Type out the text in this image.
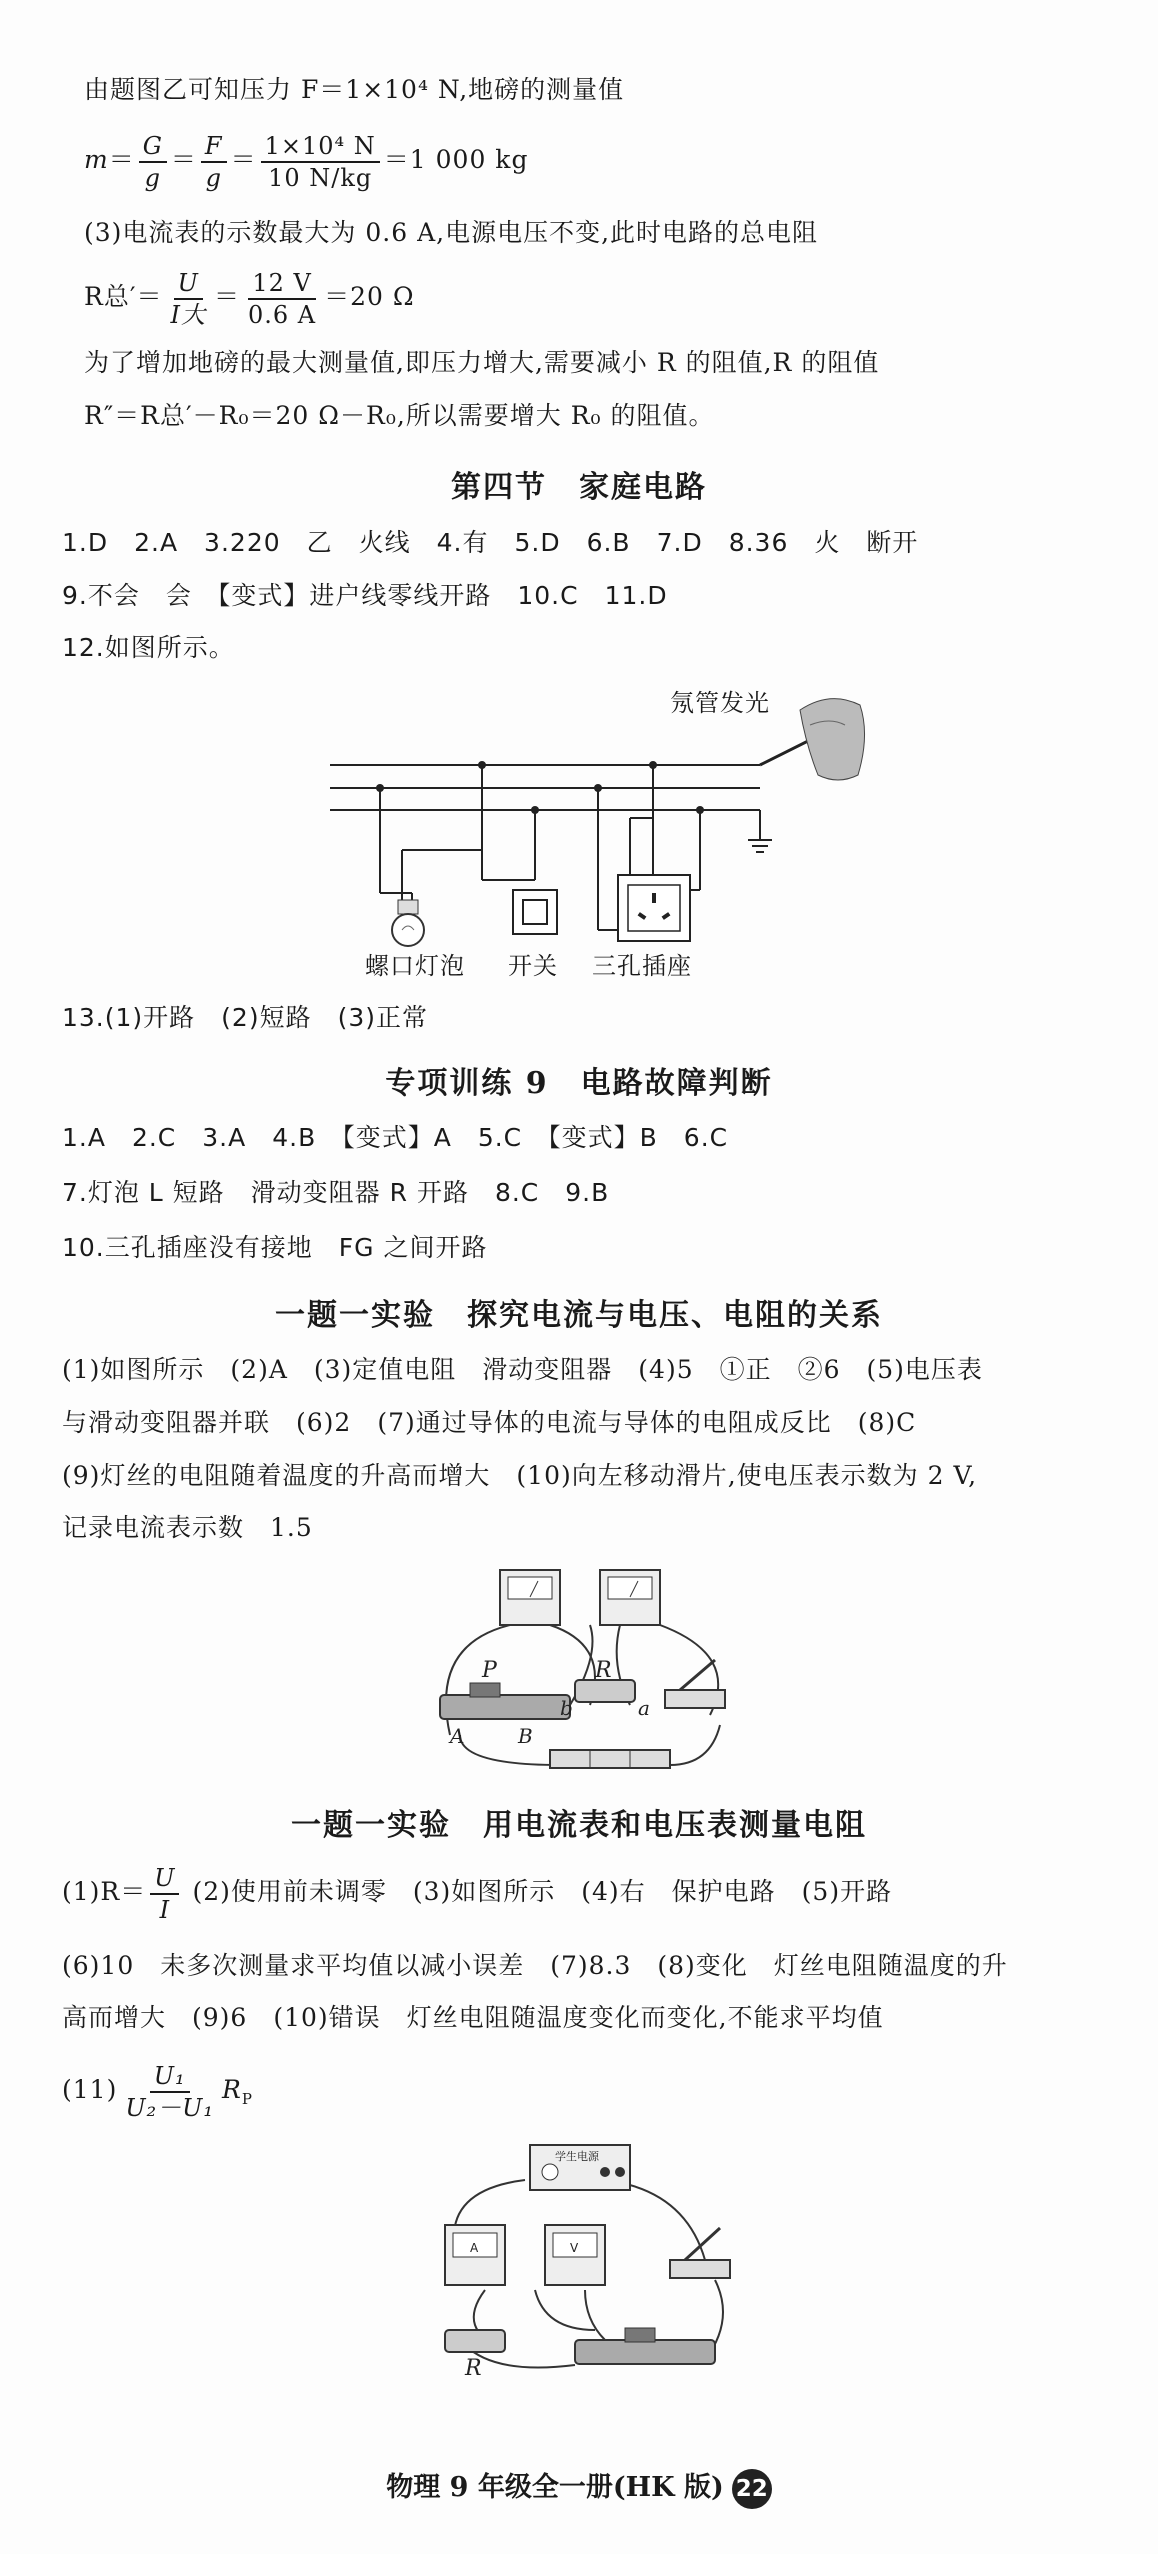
由题图乙可知压力 F＝1×10⁴ N,地磅的测量值
$m= \frac{G}{g} = \frac{F}{g} = \frac{\text{1×10⁴ N}}{10 N/kg} =1$ 000 kg
(3)电流表的示数最大为 0.6 A,电源电压不变,此时电路的总电阻
R总′＝ $\frac{U}{\text{I大}} = \frac{12 V}{0.6 A} =20$ Ω
为了增加地磅的最大测量值,即压力增大,需要减小 R 的阻值,R 的阻值
R″＝R总′－R₀＝20 Ω－R₀,所以需要增大 R₀ 的阻值。
第四节　家庭电路
1.D　2.A　3.220　乙　火线　4.有　5.D　6.B　7.D　8.36　火　断开
9.不会　会　【变式】进户线零线开路　10.C　11.D
12.如图所示。
氖管发光
螺口灯泡 开关 三孔插座
13.(1)开路　(2)短路　(3)正常
专项训练 9　电路故障判断
1.A　2.C　3.A　4.B　【变式】A　5.C　【变式】B　6.C
7.灯泡 L 短路　滑动变阻器 R 开路　8.C　9.B
10.三孔插座没有接地　FG 之间开路
一题一实验　探究电流与电压、电阻的关系
(1)如图所示　(2)A　(3)定值电阻　滑动变阻器　(4)5　①正　②6　(5)电压表
与滑动变阻器并联　(6)2　(7)通过导体的电流与导体的电阻成反比　(8)C
(9)灯丝的电阻随着温度的升高而增大　(10)向左移动滑片,使电压表示数为 2 V,
记录电流表示数　1.5
P	R
a
b
A	B
一题一实验　用电流表和电压表测量电阻
$(1)R= \frac{U}{I} (2)$使用前未调零　(3)如图所示　(4)右　保护电路　(5)开路
(6)10　未多次测量求平均值以减小误差　(7)8.3　(8)变化　灯丝电阻随温度的升
高而增大　(9)6　(10)错误　灯丝电阻随温度变化而变化,不能求平均值
$(11) \frac{\text{U₁}}{\text{U₂－U₁}} R_P$
学生电源
A	V
R
物理 9 年级全一册(HK 版) 22
